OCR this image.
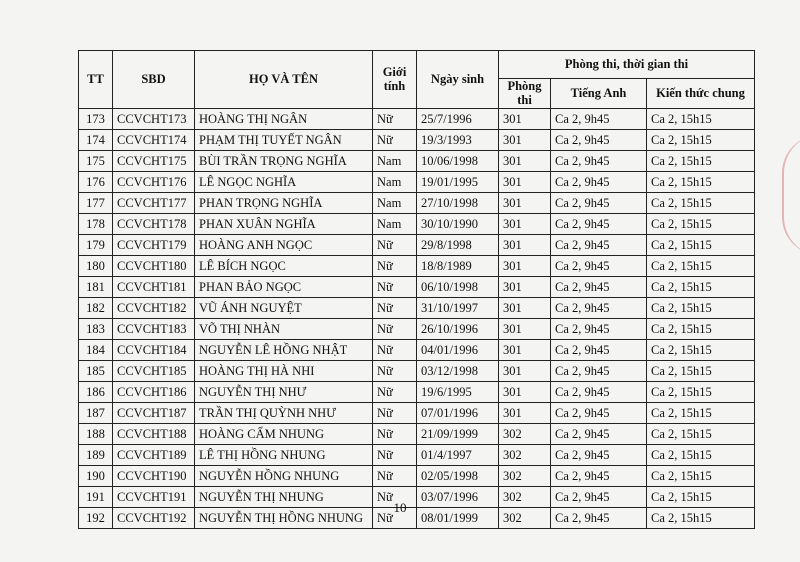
TT	SBD	HỌ VÀ TÊN	Giới tính	Ngày sinh	Phòng thi, thời gian thi		
					Phòng thi	Tiếng Anh	Kiến thức chung
173	CCVCHT173	HOÀNG THỊ NGÂN	Nữ	25/7/1996	301	Ca 2, 9h45	Ca 2, 15h15
174	CCVCHT174	PHẠM THỊ TUYẾT NGÂN	Nữ	19/3/1993	301	Ca 2, 9h45	Ca 2, 15h15
175	CCVCHT175	BÙI TRẦN TRỌNG NGHĨA	Nam	10/06/1998	301	Ca 2, 9h45	Ca 2, 15h15
176	CCVCHT176	LÊ NGỌC NGHĨA	Nam	19/01/1995	301	Ca 2, 9h45	Ca 2, 15h15
177	CCVCHT177	PHAN TRỌNG NGHĨA	Nam	27/10/1998	301	Ca 2, 9h45	Ca 2, 15h15
178	CCVCHT178	PHAN XUÂN NGHĨA	Nam	30/10/1990	301	Ca 2, 9h45	Ca 2, 15h15
179	CCVCHT179	HOÀNG ANH NGỌC	Nữ	29/8/1998	301	Ca 2, 9h45	Ca 2, 15h15
180	CCVCHT180	LÊ BÍCH NGỌC	Nữ	18/8/1989	301	Ca 2, 9h45	Ca 2, 15h15
181	CCVCHT181	PHAN BẢO NGỌC	Nữ	06/10/1998	301	Ca 2, 9h45	Ca 2, 15h15
182	CCVCHT182	VŨ ÁNH NGUYỆT	Nữ	31/10/1997	301	Ca 2, 9h45	Ca 2, 15h15
183	CCVCHT183	VÕ THỊ NHÀN	Nữ	26/10/1996	301	Ca 2, 9h45	Ca 2, 15h15
184	CCVCHT184	NGUYỄN LÊ HỒNG NHẬT	Nữ	04/01/1996	301	Ca 2, 9h45	Ca 2, 15h15
185	CCVCHT185	HOÀNG THỊ HÀ NHI	Nữ	03/12/1998	301	Ca 2, 9h45	Ca 2, 15h15
186	CCVCHT186	NGUYỄN THỊ NHƯ	Nữ	19/6/1995	301	Ca 2, 9h45	Ca 2, 15h15
187	CCVCHT187	TRẦN THỊ QUỲNH NHƯ	Nữ	07/01/1996	301	Ca 2, 9h45	Ca 2, 15h15
188	CCVCHT188	HOÀNG CẨM NHUNG	Nữ	21/09/1999	302	Ca 2, 9h45	Ca 2, 15h15
189	CCVCHT189	LÊ THỊ HỒNG NHUNG	Nữ	01/4/1997	302	Ca 2, 9h45	Ca 2, 15h15
190	CCVCHT190	NGUYỄN HỒNG NHUNG	Nữ	02/05/1998	302	Ca 2, 9h45	Ca 2, 15h15
191	CCVCHT191	NGUYỄN THỊ NHUNG	Nữ	03/07/1996	302	Ca 2, 9h45	Ca 2, 15h15
192	CCVCHT192	NGUYỄN THỊ HỒNG NHUNG	Nữ	08/01/1999	302	Ca 2, 9h45	Ca 2, 15h15
10
